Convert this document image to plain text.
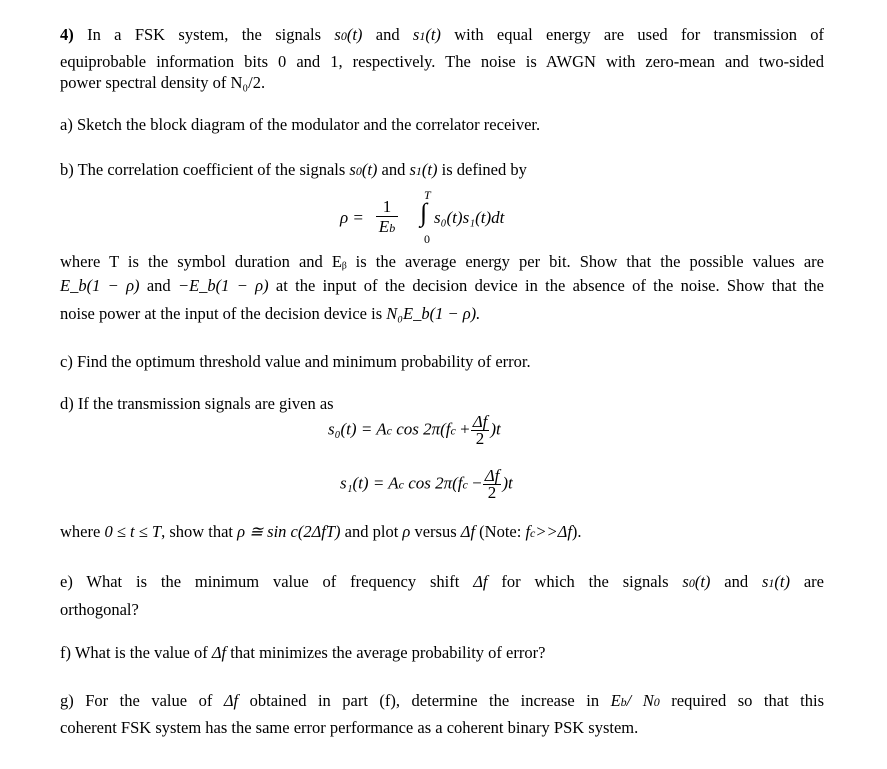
4) In a FSK system, the signals s0(t) and s1(t) with equal energy are used for transmission of
equiprobable information bits 0 and 1, respectively. The noise is AWGN with zero-mean and two-sided
power spectral density of N₀/2.
a) Sketch the block diagram of the modulator and the correlator receiver.
b) The correlation coefficient of the signals s0(t) and s1(t) is defined by
ρ =
1
Eb
T
∫
0
s₀(t)s₁(t)dt
where T is the symbol duration and Eᵦ is the average energy per bit. Show that the possible values are
E_b(1 − ρ) and −E_b(1 − ρ) at the input of the decision device in the absence of the noise. Show that the
noise power at the input of the decision device is N₀E_b(1 − ρ).
c) Find the optimum threshold value and minimum probability of error.
d) If the transmission signals are given as
s₀(t) = Ac $\cos 2\pi(fc + \frac{\Delta f}{2} )t$
s₁(t) = Ac $\cos 2\pi(fc - \frac{\Delta f}{2} )t$
where 0 ≤ t ≤ T, show that ρ ≅ sin c(2ΔfT) and plot ρ versus Δf (Note: fc>>Δf).
e) What is the minimum value of frequency shift Δf for which the signals s0(t) and s1(t) are
orthogonal?
f) What is the value of Δf that minimizes the average probability of error?
g) For the value of Δf obtained in part (f), determine the increase in Eb/ N0 required so that this
coherent FSK system has the same error performance as a coherent binary PSK system.
